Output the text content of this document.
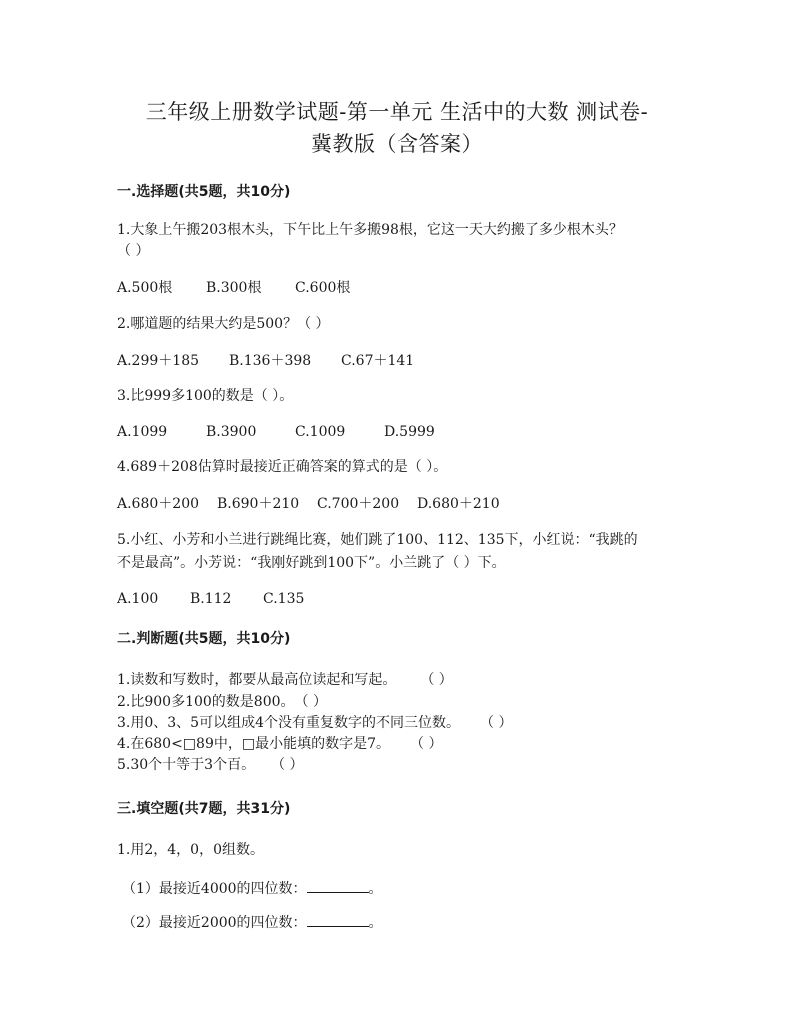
三年级上册数学试题-第一单元 生活中的大数 测试卷-
冀教版（含答案）
一.选择题(共5题，共10分)
1.大象上午搬203根木头，下午比上午多搬98根，它这一天大约搬了多少根木头？
（ ）
A.500根 B.300根 C.600根
2.哪道题的结果大约是500？（ ）
A.299＋185 B.136＋398 C.67＋141
3.比999多100的数是（ ）。
A.1099	B.3900	C.1009	D.5999
4.689＋208估算时最接近正确答案的算式的是（ ）。
A.680＋200 B.690＋210 C.700＋200 D.680＋210
5.小红、小芳和小兰进行跳绳比赛，她们跳了100、112、135下，小红说：“我跳的
不是最高”。小芳说：“我刚好跳到100下”。小兰跳了（ ）下。
A.100 B.112 C.135
二.判断题(共5题，共10分)
1.读数和写数时，都要从最高位读起和写起。 （ ）
2.比900多100的数是800。（ ）
3.用0、3、5可以组成4个没有重复数字的不同三位数。 （ ）
4.在680<□89中，□最小能填的数字是7。 （ ）
5.30个十等于3个百。 （ ）
三.填空题(共7题，共31分)
1.用2，4，0，0组数。
（1）最接近4000的四位数：	。
（2）最接近2000的四位数：	。
